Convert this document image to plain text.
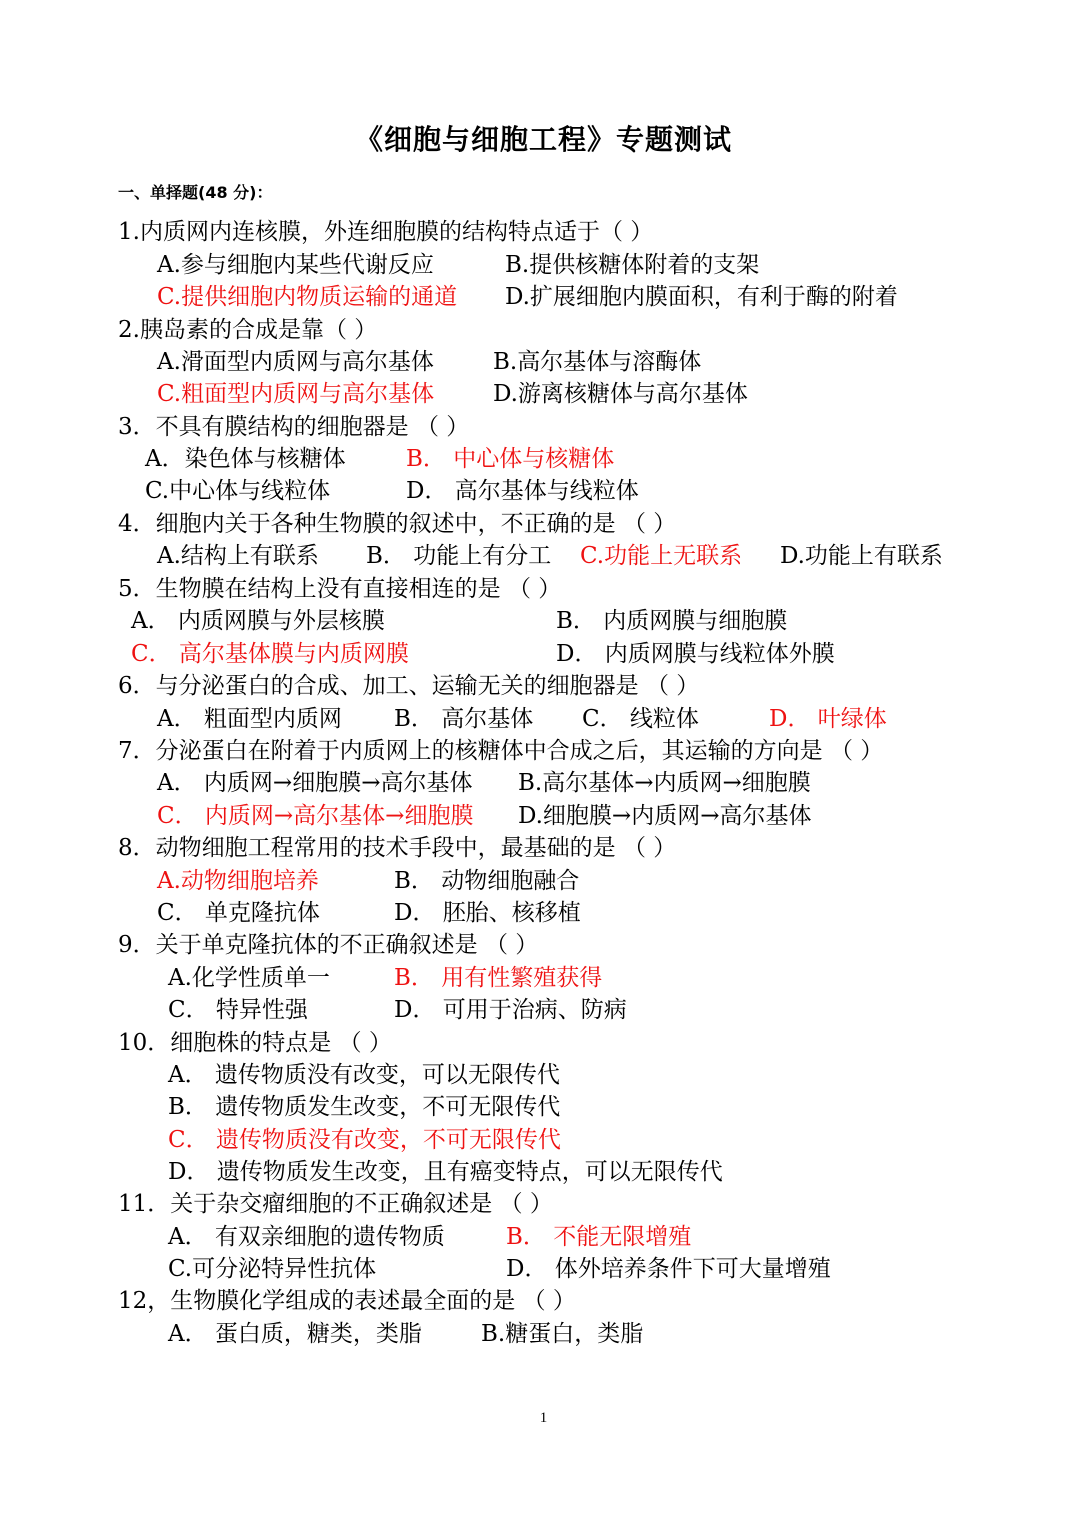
《细胞与细胞工程》专题测试
一、单择题(48 分)：
1.内质网内连核膜，外连细胞膜的结构特点适于（ ）
A.参与细胞内某些代谢反应	B.提供核糖体附着的支架
C.提供细胞内物质运输的通道 D.扩展细胞内膜面积，有利于酶的附着
2.胰岛素的合成是靠（ ）
A.滑面型内质网与高尔基体	B.高尔基体与溶酶体
C.粗面型内质网与高尔基体	D.游离核糖体与高尔基体
3．不具有膜结构的细胞器是 （ ）
A．染色体与核糖体	B． 中心体与核糖体
C.中心体与线粒体	D． 高尔基体与线粒体
4．细胞内关于各种生物膜的叙述中，不正确的是 （ ）
A.结构上有联系 B． 功能上有分工 C.功能上无联系 D.功能上有联系
5．生物膜在结构上没有直接相连的是 （ ）
A． 内质网膜与外层核膜	B． 内质网膜与细胞膜
C． 高尔基体膜与内质网膜	D． 内质网膜与线粒体外膜
6．与分泌蛋白的合成、加工、运输无关的细胞器是 （ ）
A． 粗面型内质网 B． 高尔基体 C． 线粒体	D． 叶绿体
7．分泌蛋白在附着于内质网上的核糖体中合成之后，其运输的方向是 （ ）
A． 内质网→细胞膜→高尔基体 B.高尔基体→内质网→细胞膜
C． 内质网→高尔基体→细胞膜 D.细胞膜→内质网→高尔基体
8．动物细胞工程常用的技术手段中，最基础的是 （ ）
A.动物细胞培养	B． 动物细胞融合
C． 单克隆抗体	D． 胚胎、核移植
9．关于单克隆抗体的不正确叙述是 （ ）
A.化学性质单一	B． 用有性繁殖获得
C． 特异性强	D． 可用于治病、防病
10．细胞株的特点是 （ ）
A． 遗传物质没有改变，可以无限传代
B． 遗传物质发生改变，不可无限传代
C． 遗传物质没有改变，不可无限传代
D． 遗传物质发生改变，且有癌变特点，可以无限传代
11．关于杂交瘤细胞的不正确叙述是 （ ）
A． 有双亲细胞的遗传物质	B． 不能无限增殖
C.可分泌特异性抗体	D． 体外培养条件下可大量增殖
12，生物膜化学组成的表述最全面的是 （ ）
A． 蛋白质，糖类，类脂	B.糖蛋白，类脂
1
